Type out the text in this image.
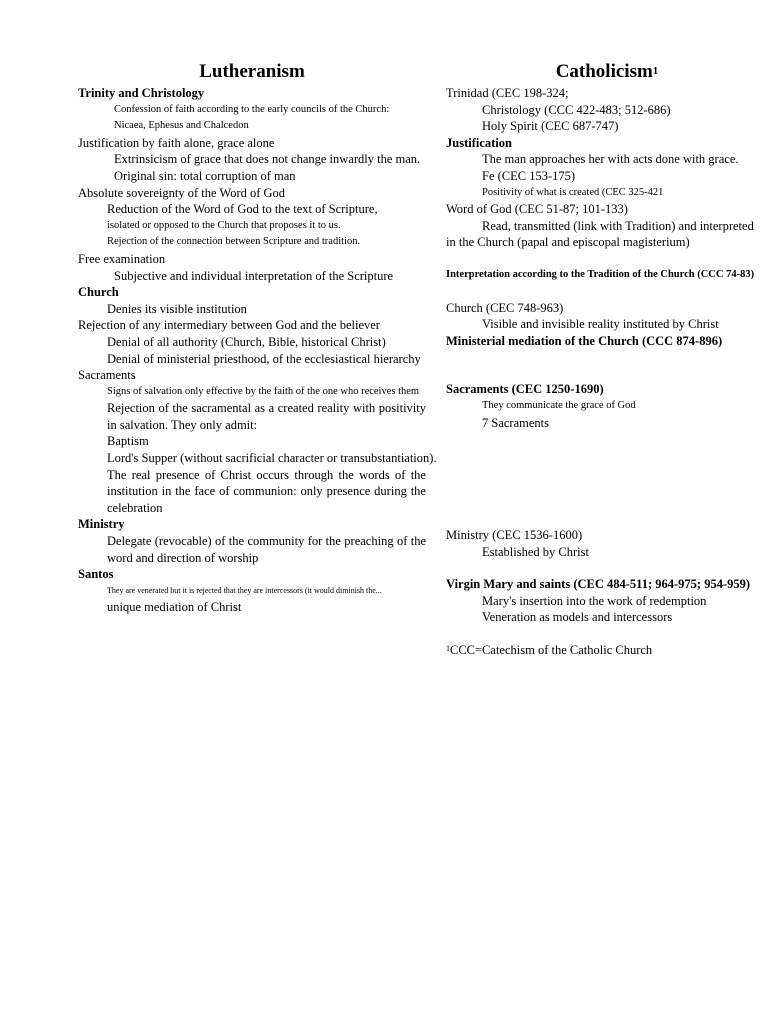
Lutheranism
Trinity and Christology
Confession of faith according to the early councils of the Church:
Nicaea, Ephesus and Chalcedon
Justification by faith alone, grace alone
Extrinsicism of grace that does not change inwardly the man.
Original sin: total corruption of man
Absolute sovereignty of the Word of God
Reduction of the Word of God to the text of Scripture,
isolated or opposed to the Church that proposes it to us.
Rejection of the connection between Scripture and tradition.
Free examination
Subjective and individual interpretation of the Scripture
Church
Denies its visible institution
Rejection of any intermediary between God and the believer
Denial of all authority (Church, Bible, historical Christ)
Denial of ministerial priesthood, of the ecclesiastical hierarchy
Sacraments
Signs of salvation only effective by the faith of the one who receives them
Rejection of the sacramental as a created reality with positivity in salvation. They only admit:
Baptism
Lord's Supper (without sacrificial character or transubstantiation).
The real presence of Christ occurs through the words of the institution in the face of communion: only presence during the celebration
Ministry
Delegate (revocable) of the community for the preaching of the word and direction of worship
Santos
They are venerated but it is rejected that they are intercessors (it would diminish the...
unique mediation of Christ
Catholicism$^1$
Trinidad (CEC 198-324;
Christology (CCC 422-483; 512-686)
Holy Spirit (CEC 687-747)
Justification
The man approaches her with acts done with grace.
Fe (CEC 153-175)
Positivity of what is created (CEC 325-421
Word of God (CEC 51-87; 101-133)
Read, transmitted (link with Tradition) and interpreted
in the Church (papal and episcopal magisterium)
Interpretation according to the Tradition of the Church (CCC 74-83)
Church (CEC 748-963)
Visible and invisible reality instituted by Christ
Ministerial mediation of the Church (CCC 874-896)
Sacraments (CEC 1250-1690)
They communicate the grace of God
7 Sacraments
Ministry (CEC 1536-1600)
Established by Christ
Virgin Mary and saints (CEC 484-511; 964-975; 954-959)
Mary's insertion into the work of redemption
Veneration as models and intercessors
$^1$CCC=Catechism of the Catholic Church
